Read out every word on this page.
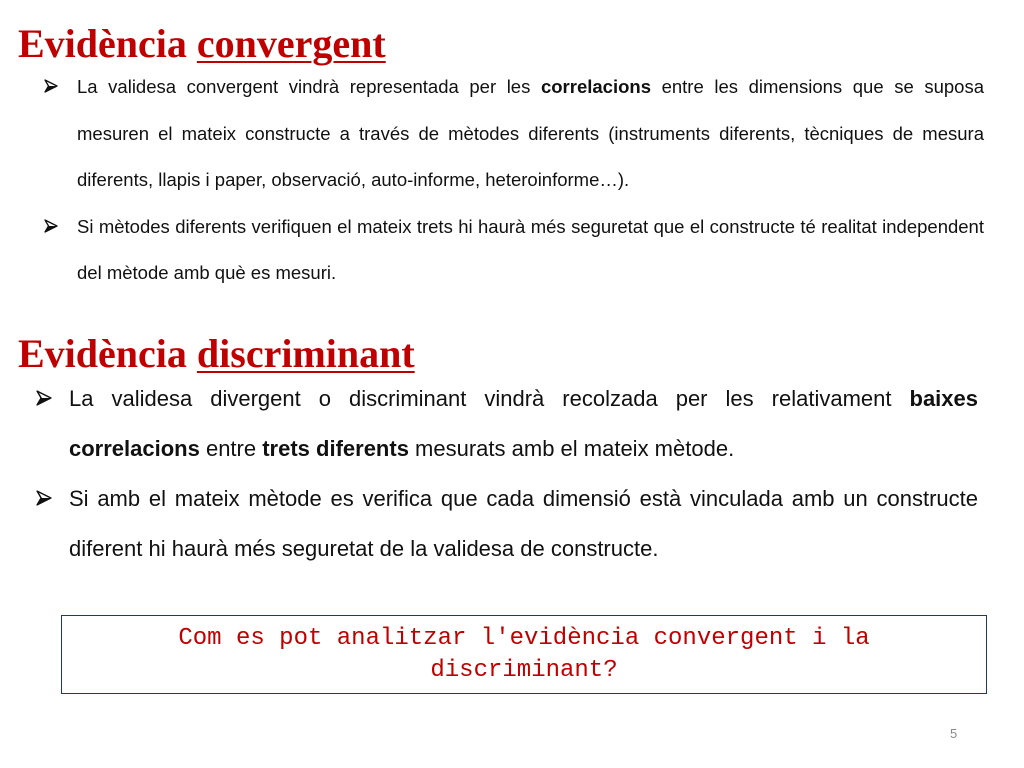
Evidència convergent
La validesa convergent vindrà representada per les correlacions entre les dimensions que se suposa mesuren el mateix constructe a través de mètodes diferents (instruments diferents, tècniques de mesura diferents, llapis i paper, observació, auto-informe, heteroinforme…).
Si mètodes diferents verifiquen el mateix trets hi haurà més seguretat que el constructe té realitat independent del mètode amb què es mesuri.
Evidència discriminant
La validesa divergent o discriminant vindrà recolzada per les relativament baixes correlacions entre trets diferents mesurats amb el mateix mètode.
Si amb el mateix mètode es verifica que cada dimensió està vinculada amb un constructe diferent hi haurà més seguretat de la validesa de constructe.
Com es pot analitzar l'evidència convergent i la discriminant?
5
